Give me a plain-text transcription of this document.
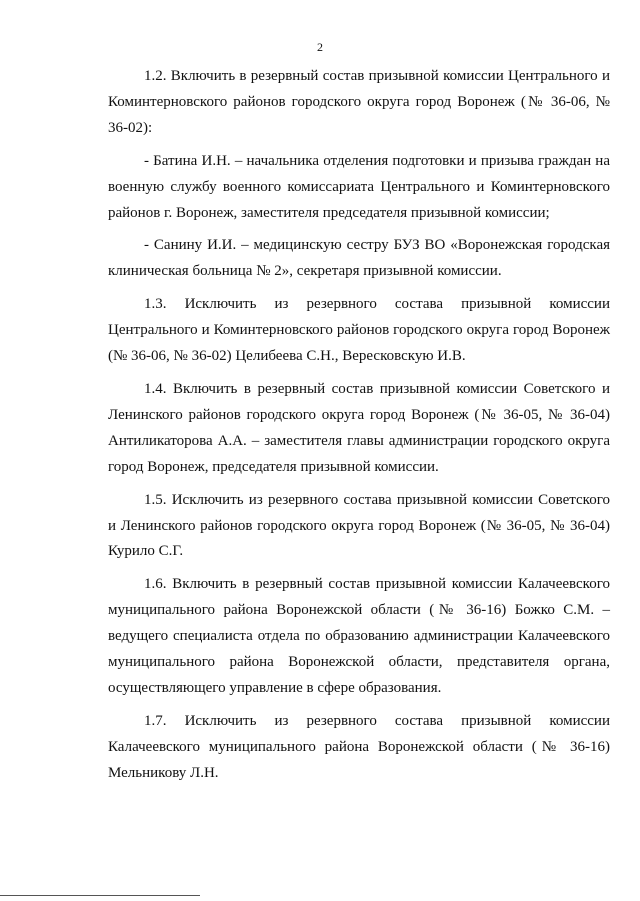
2

1.2. Включить в резервный состав призывной комиссии Центрального и Коминтерновского районов городского округа город Воронеж (№ 36-06, № 36-02):

- Батина И.Н. – начальника отделения подготовки и призыва граждан на военную службу военного комиссариата Центрального и Коминтерновского районов г. Воронеж, заместителя председателя призывной комиссии;

- Санину И.И. – медицинскую сестру БУЗ ВО «Воронежская городская клиническая больница № 2», секретаря призывной комиссии.

1.3. Исключить из резервного состава призывной комиссии Центрального и Коминтерновского районов городского округа город Воронеж (№ 36-06, № 36-02) Целибеева С.Н., Вересковскую И.В.

1.4. Включить в резервный состав призывной комиссии Советского и Ленинского районов городского округа город Воронеж (№ 36-05, № 36-04) Антиликаторова А.А. – заместителя главы администрации городского округа город Воронеж, председателя призывной комиссии.

1.5. Исключить из резервного состава призывной комиссии Советского и Ленинского районов городского округа город Воронеж (№ 36-05, № 36-04) Курило С.Г.

1.6. Включить в резервный состав призывной комиссии Калачеевского муниципального района Воронежской области (№ 36-16) Божко С.М. – ведущего специалиста отдела по образованию администрации Калачеевского муниципального района Воронежской области, представителя органа, осуществляющего управление в сфере образования.

1.7. Исключить из резервного состава призывной комиссии Калачеевского муниципального района Воронежской области (№ 36-16) Мельникову Л.Н.
